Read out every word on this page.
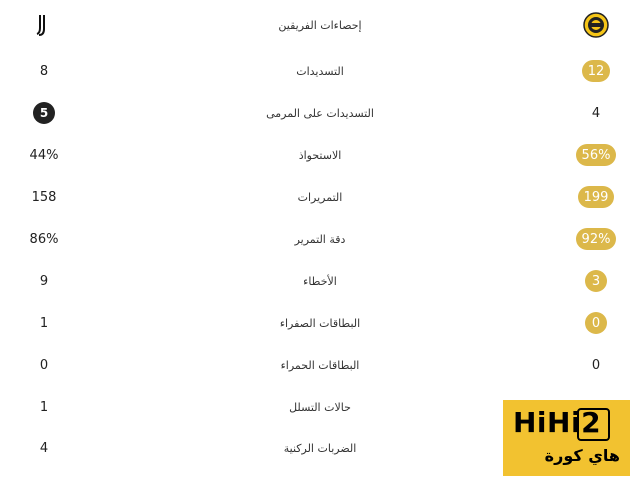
إحصاءات الفريقين
8	التسديدات	12
5	التسديدات على المرمى	4
44%	الاستحواذ	56%
158	التمريرات	199
86%	دقة التمرير	92%
9	الأخطاء	3
1	البطاقات الصفراء	0
0	البطاقات الحمراء	0
1	حالات التسلل
4	الضربات الركنية
HiHi2
هاي كورة
